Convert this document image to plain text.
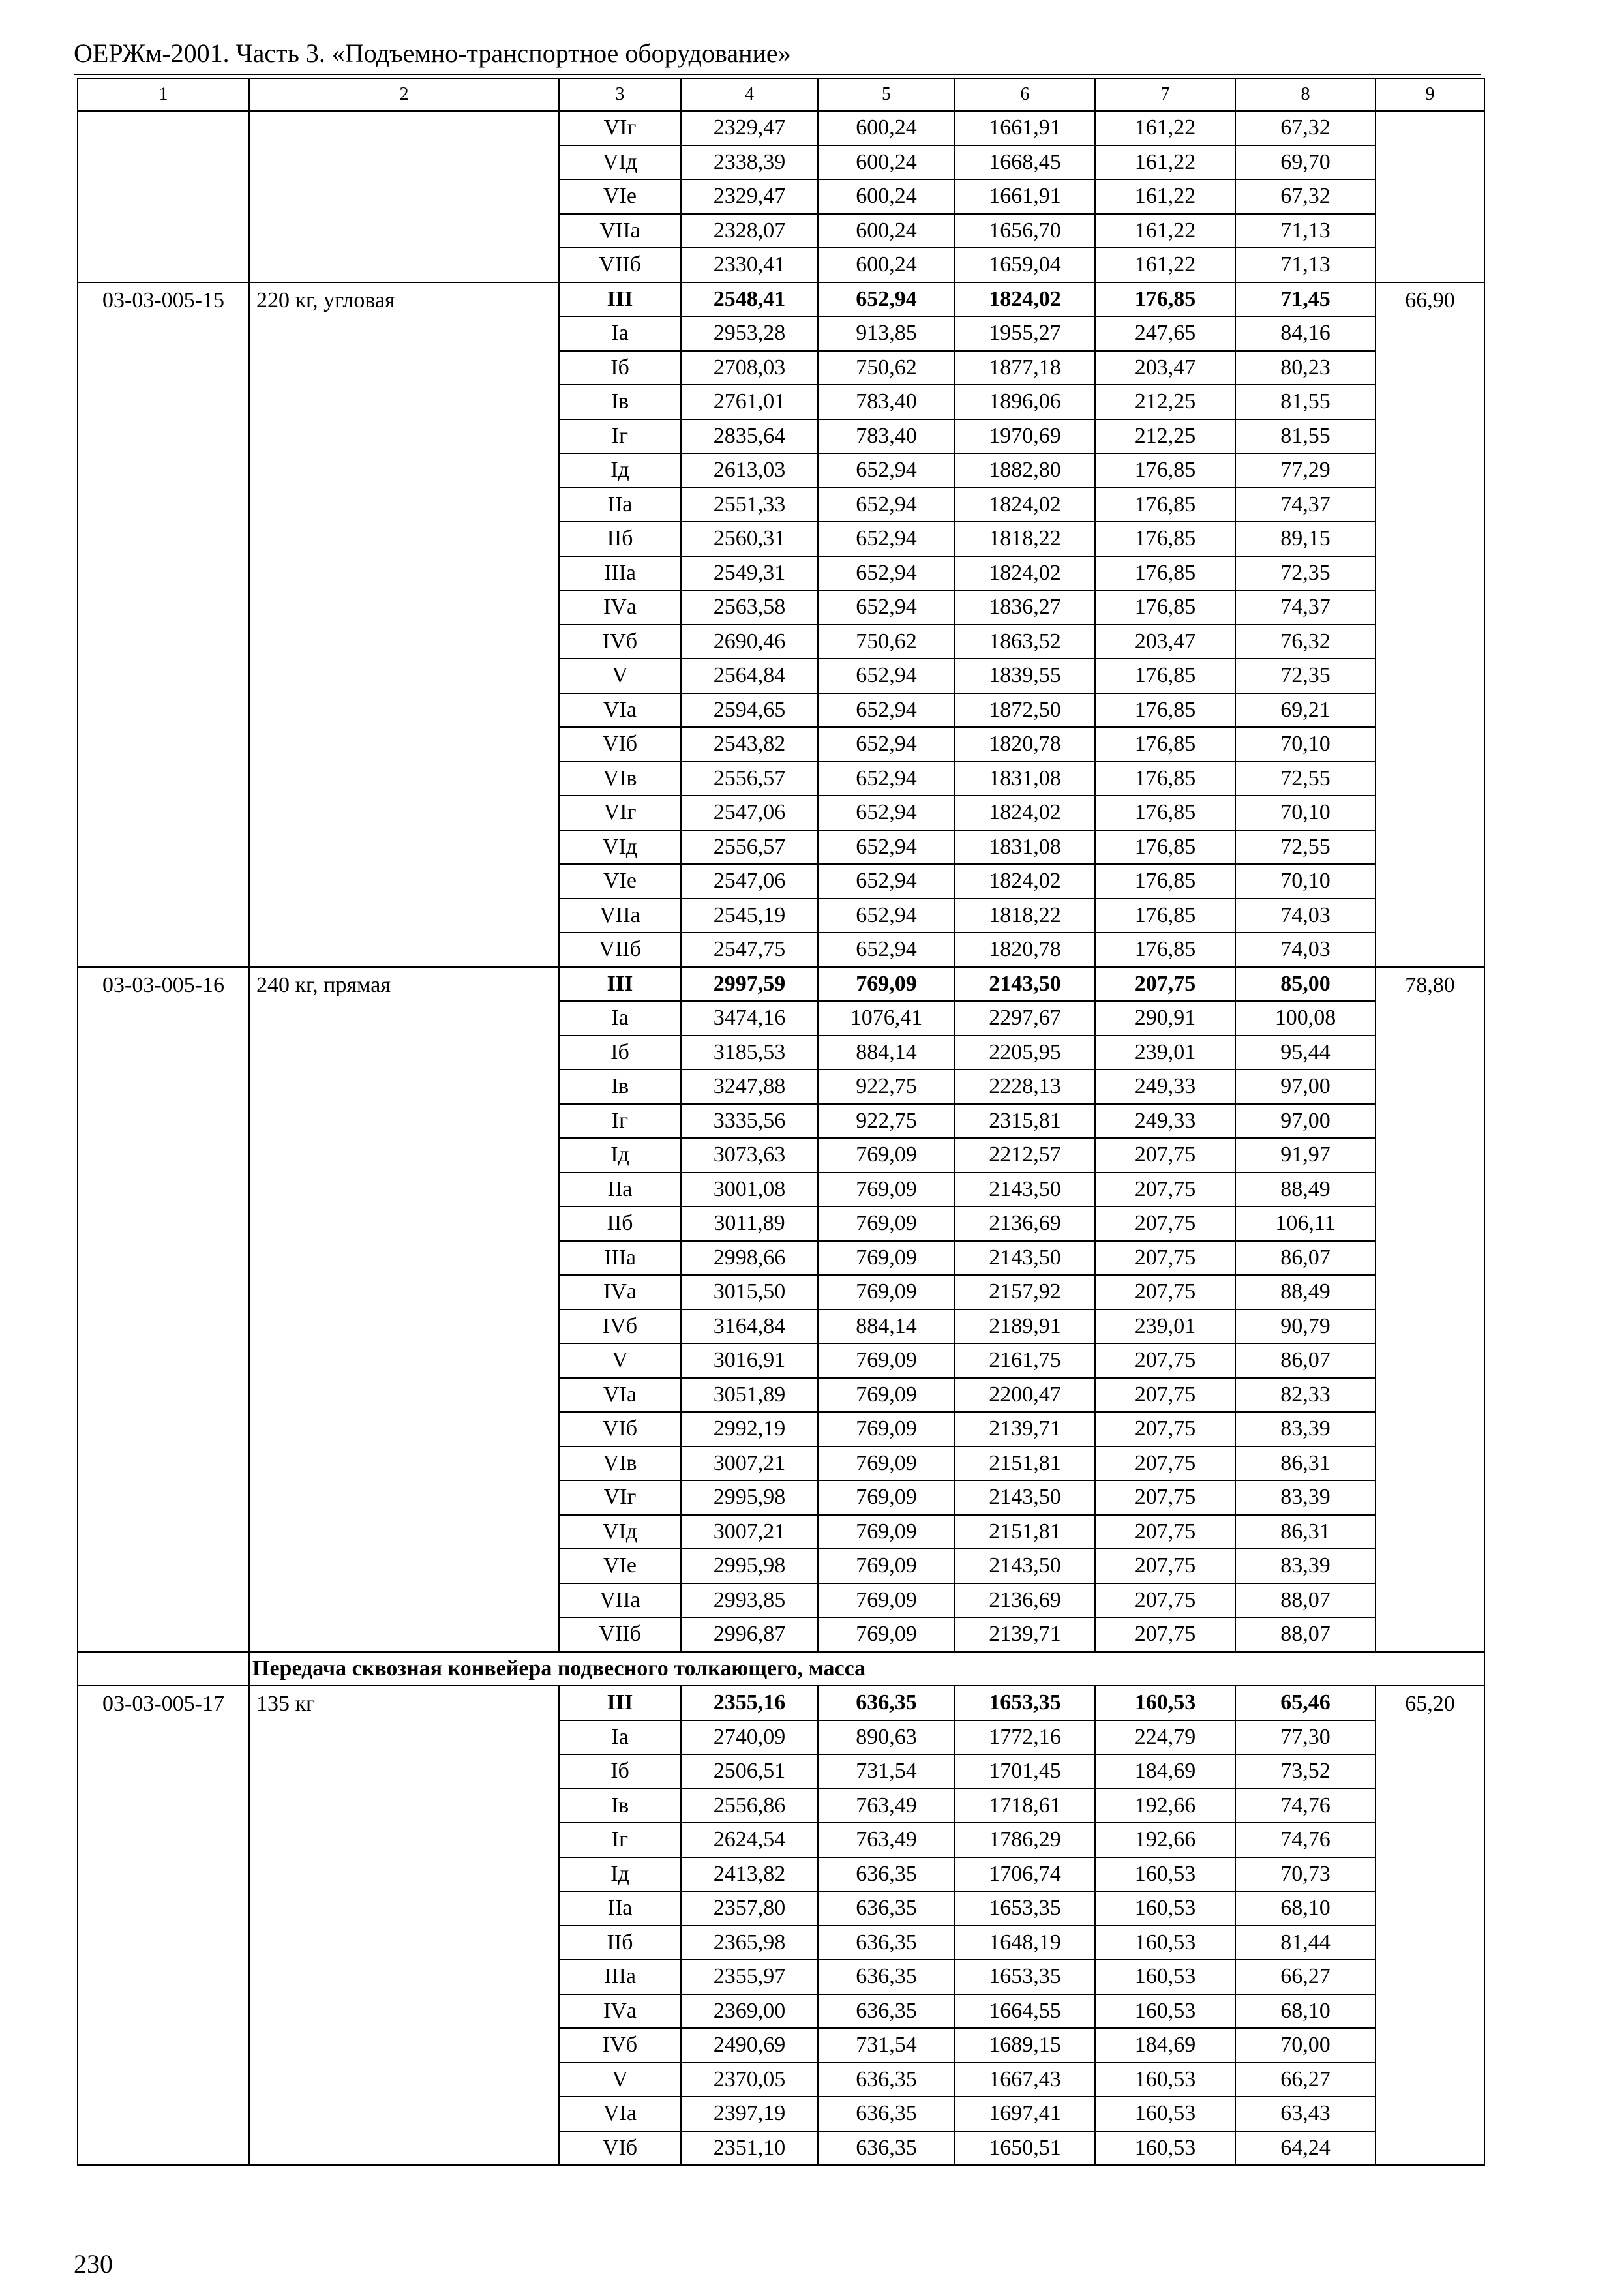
ОЕРЖм-2001. Часть 3. «Подъемно-транспортное оборудование»
1	2	3	4	5	6	7	8	9
		VIг	2329,47	600,24	1661,91	161,22	67,32	
		VIд	2338,39	600,24	1668,45	161,22	69,70	
		VIе	2329,47	600,24	1661,91	161,22	67,32	
		VIIа	2328,07	600,24	1656,70	161,22	71,13	
		VIIб	2330,41	600,24	1659,04	161,22	71,13	
03-03-005-15	220 кг, угловая	III	2548,41	652,94	1824,02	176,85	71,45	66,90
		Iа	2953,28	913,85	1955,27	247,65	84,16	
		Iб	2708,03	750,62	1877,18	203,47	80,23	
		Iв	2761,01	783,40	1896,06	212,25	81,55	
		Iг	2835,64	783,40	1970,69	212,25	81,55	
		Iд	2613,03	652,94	1882,80	176,85	77,29	
		IIа	2551,33	652,94	1824,02	176,85	74,37	
		IIб	2560,31	652,94	1818,22	176,85	89,15	
		IIIа	2549,31	652,94	1824,02	176,85	72,35	
		IVа	2563,58	652,94	1836,27	176,85	74,37	
		IVб	2690,46	750,62	1863,52	203,47	76,32	
		V	2564,84	652,94	1839,55	176,85	72,35	
		VIа	2594,65	652,94	1872,50	176,85	69,21	
		VIб	2543,82	652,94	1820,78	176,85	70,10	
		VIв	2556,57	652,94	1831,08	176,85	72,55	
		VIг	2547,06	652,94	1824,02	176,85	70,10	
		VIд	2556,57	652,94	1831,08	176,85	72,55	
		VIе	2547,06	652,94	1824,02	176,85	70,10	
		VIIа	2545,19	652,94	1818,22	176,85	74,03	
		VIIб	2547,75	652,94	1820,78	176,85	74,03	
03-03-005-16	240 кг, прямая	III	2997,59	769,09	2143,50	207,75	85,00	78,80
		Iа	3474,16	1076,41	2297,67	290,91	100,08	
		Iб	3185,53	884,14	2205,95	239,01	95,44	
		Iв	3247,88	922,75	2228,13	249,33	97,00	
		Iг	3335,56	922,75	2315,81	249,33	97,00	
		Iд	3073,63	769,09	2212,57	207,75	91,97	
		IIа	3001,08	769,09	2143,50	207,75	88,49	
		IIб	3011,89	769,09	2136,69	207,75	106,11	
		IIIа	2998,66	769,09	2143,50	207,75	86,07	
		IVа	3015,50	769,09	2157,92	207,75	88,49	
		IVб	3164,84	884,14	2189,91	239,01	90,79	
		V	3016,91	769,09	2161,75	207,75	86,07	
		VIа	3051,89	769,09	2200,47	207,75	82,33	
		VIб	2992,19	769,09	2139,71	207,75	83,39	
		VIв	3007,21	769,09	2151,81	207,75	86,31	
		VIг	2995,98	769,09	2143,50	207,75	83,39	
		VIд	3007,21	769,09	2151,81	207,75	86,31	
		VIе	2995,98	769,09	2143,50	207,75	83,39	
		VIIа	2993,85	769,09	2136,69	207,75	88,07	
		VIIб	2996,87	769,09	2139,71	207,75	88,07	
	Передача сквозная конвейера подвесного толкающего, масса							
03-03-005-17	135 кг	III	2355,16	636,35	1653,35	160,53	65,46	65,20
		Iа	2740,09	890,63	1772,16	224,79	77,30	
		Iб	2506,51	731,54	1701,45	184,69	73,52	
		Iв	2556,86	763,49	1718,61	192,66	74,76	
		Iг	2624,54	763,49	1786,29	192,66	74,76	
		Iд	2413,82	636,35	1706,74	160,53	70,73	
		IIа	2357,80	636,35	1653,35	160,53	68,10	
		IIб	2365,98	636,35	1648,19	160,53	81,44	
		IIIа	2355,97	636,35	1653,35	160,53	66,27	
		IVа	2369,00	636,35	1664,55	160,53	68,10	
		IVб	2490,69	731,54	1689,15	184,69	70,00	
		V	2370,05	636,35	1667,43	160,53	66,27	
		VIа	2397,19	636,35	1697,41	160,53	63,43	
		VIб	2351,10	636,35	1650,51	160,53	64,24	
230
